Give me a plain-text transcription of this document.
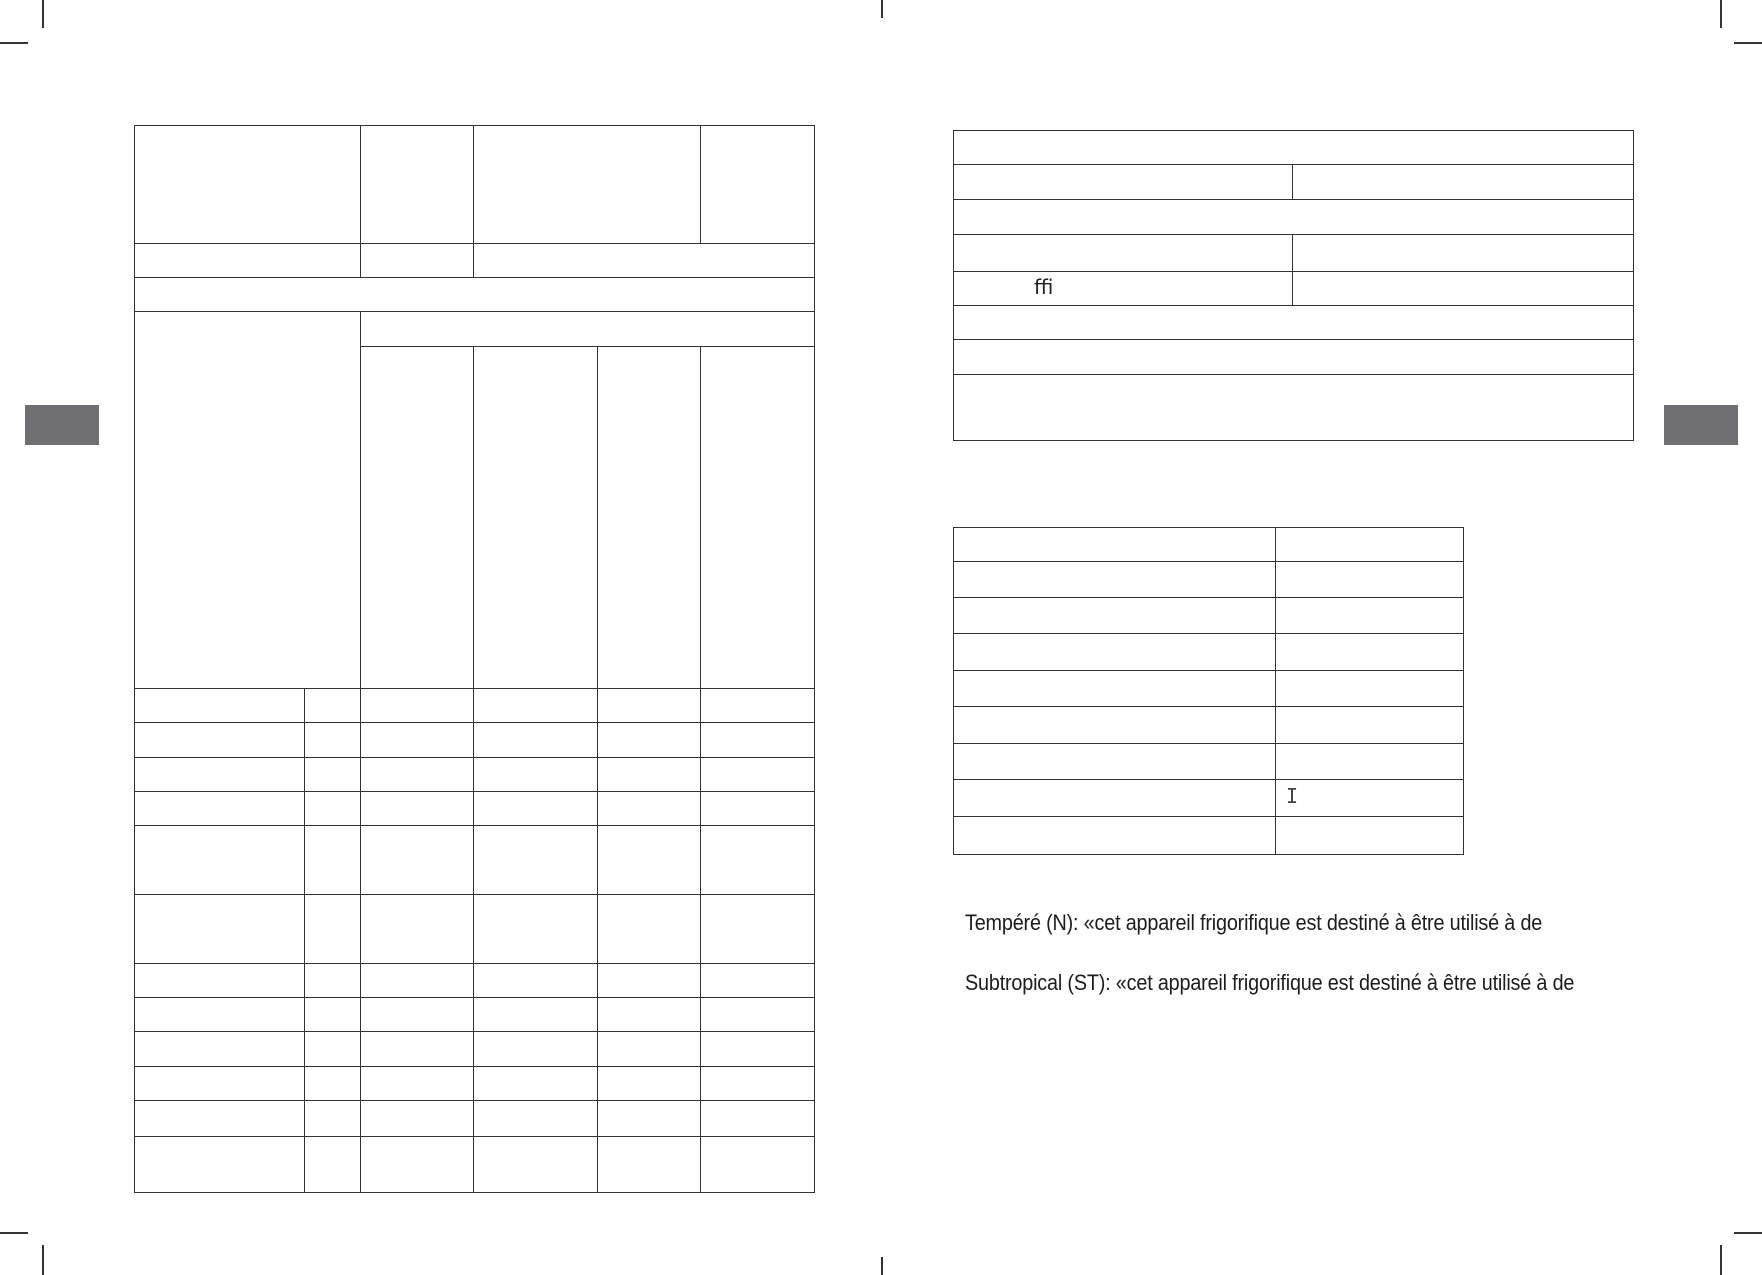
ﬃ

I
Tempéré (N): «cet appareil frigorifique est destiné à être utilisé à de
Subtropical (ST): «cet appareil frigorifique est destiné à être utilisé à de
